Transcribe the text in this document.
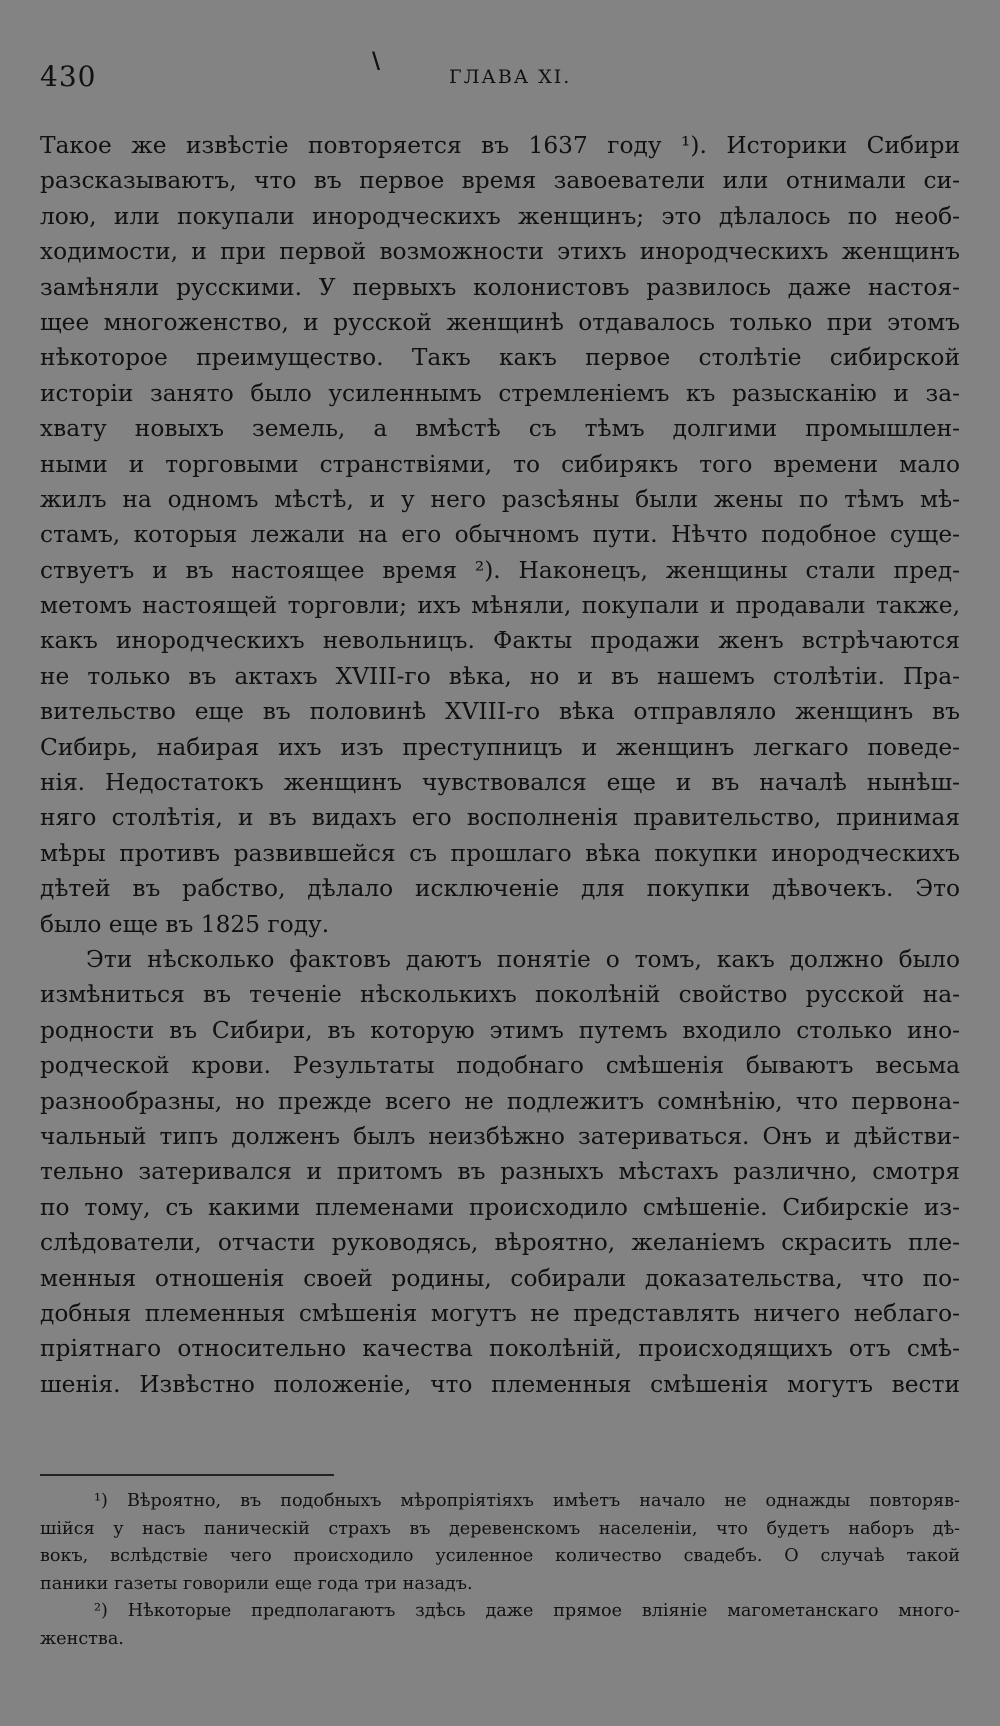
\
430	ГЛАВА XI.
Такое же извѣстіе повторяется въ 1637 году ¹). Историки Сибири
разсказываютъ, что въ первое время завоеватели или отнимали си-
лою, или покупали инородческихъ женщинъ; это дѣлалось по необ-
ходимости, и при первой возможности этихъ инородческихъ женщинъ
замѣняли русскими. У первыхъ колонистовъ развилось даже настоя-
щее многоженство, и русской женщинѣ отдавалось только при этомъ
нѣкоторое преимущество. Такъ какъ первое столѣтіе сибирской
исторіи занято было усиленнымъ стремленіемъ къ разысканію и за-
хвату новыхъ земель, а вмѣстѣ съ тѣмъ долгими промышлен-
ными и торговыми странствіями, то сибирякъ того времени мало
жилъ на одномъ мѣстѣ, и у него разсѣяны были жены по тѣмъ мѣ-
стамъ, которыя лежали на его обычномъ пути. Нѣчто подобное суще-
ствуетъ и въ настоящее время ²). Наконецъ, женщины стали пред-
метомъ настоящей торговли; ихъ мѣняли, покупали и продавали также,
какъ инородческихъ невольницъ. Факты продажи женъ встрѣчаются
не только въ актахъ XVIII-го вѣка, но и въ нашемъ столѣтіи. Пра-
вительство еще въ половинѣ XVIII-го вѣка отправляло женщинъ въ
Сибирь, набирая ихъ изъ преступницъ и женщинъ легкаго поведе-
нія. Недостатокъ женщинъ чувствовался еще и въ началѣ нынѣш-
няго столѣтія, и въ видахъ его восполненія правительство, принимая
мѣры противъ развившейся съ прошлаго вѣка покупки инородческихъ
дѣтей въ рабство, дѣлало исключеніе для покупки дѣвочекъ. Это
было еще въ 1825 году.
Эти нѣсколько фактовъ даютъ понятіе о томъ, какъ должно было
измѣниться въ теченіе нѣсколькихъ поколѣній свойство русской на-
родности въ Сибири, въ которую этимъ путемъ входило столько ино-
родческой крови. Результаты подобнаго смѣшенія бываютъ весьма
разнообразны, но прежде всего не подлежитъ сомнѣнію, что первона-
чальный типъ долженъ былъ неизбѣжно затериваться. Онъ и дѣйстви-
тельно затеривался и притомъ въ разныхъ мѣстахъ различно, смотря
по тому, съ какими племенами происходило смѣшеніе. Сибирскіе из-
слѣдователи, отчасти руководясь, вѣроятно, желаніемъ скрасить пле-
менныя отношенія своей родины, собирали доказательства, что по-
добныя племенныя смѣшенія могутъ не представлять ничего неблаго-
пріятнаго относительно качества поколѣній, происходящихъ отъ смѣ-
шенія. Извѣстно положеніе, что племенныя смѣшенія могутъ вести
¹) Вѣроятно, въ подобныхъ мѣропріятіяхъ имѣетъ начало не однажды повторяв-
шійся у насъ паническій страхъ въ деревенскомъ населеніи, что будетъ наборъ дѣ-
вокъ, вслѣдствіе чего происходило усиленное количество свадебъ. О случаѣ такой
паники газеты говорили еще года три назадъ.
²) Нѣкоторые предполагаютъ здѣсь даже прямое вліяніе магометанскаго много-
женства.
